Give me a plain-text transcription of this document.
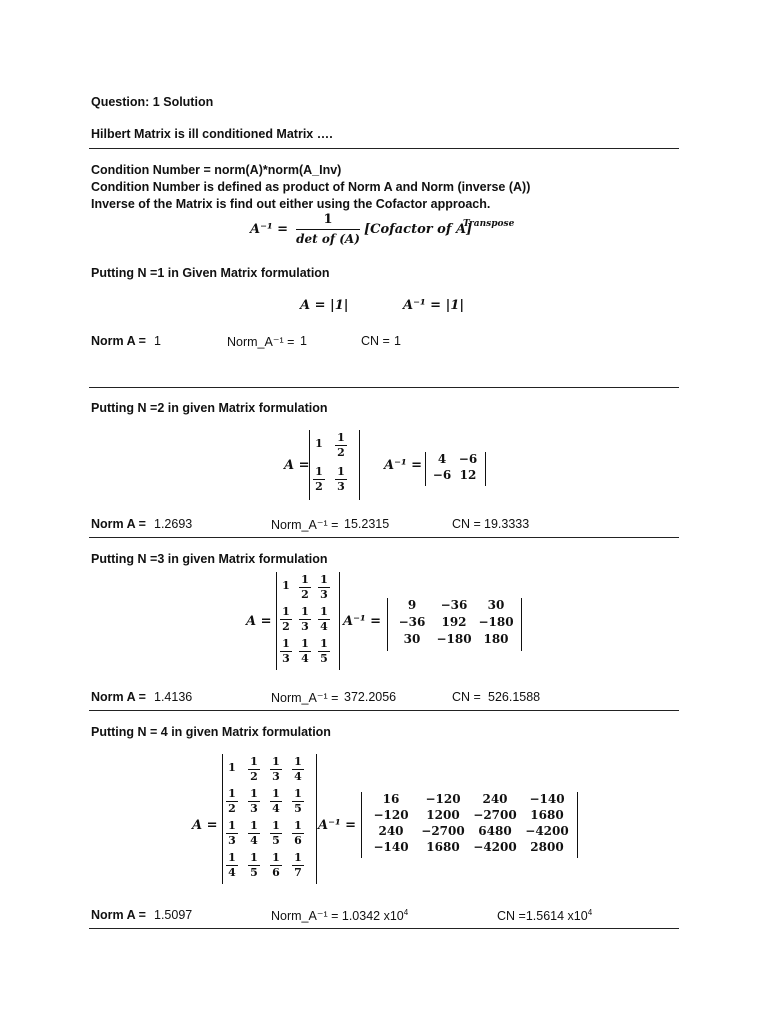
Question: 1 Solution
Hilbert Matrix is ill conditioned Matrix ….
Condition Number = norm(A)*norm(A_Inv)
Condition Number is defined as product of Norm A and Norm (inverse (A))
Inverse of the Matrix is find out either using the Cofactor approach.
A⁻¹ =
1
det of (A)
[Cofactor of A]
Transpose
Putting N =1 in Given Matrix formulation
A = |1|	A⁻¹ = |1|
Norm A = 1	Norm_A⁻¹ = 1	CN = 1
Putting N =2 in given Matrix formulation
A =
$1 \frac{1}{2}$
$\frac{1}{2} \frac{1}{3}$
A⁻¹ =	4	−6
−6 12
Norm A = 1.2693	Norm_A⁻¹ = 15.2315	CN = 19.3333
Putting N =3 in given Matrix formulation
A =
$1 \frac{1}{2} \frac{1}{3}$
$\frac{1}{2} \frac{1}{3} \frac{1}{4}$
$\frac{1}{3} \frac{1}{4} \frac{1}{5}$
A⁻¹ =
9	−36	30
−36	192 −180
30	−180 180
Norm A = 1.4136	Norm_A⁻¹ = 372.2056	CN = 526.1588
Putting N = 4 in given Matrix formulation
A =
$1 \frac{1}{2} \frac{1}{3} \frac{1}{4}$
$\frac{1}{2} \frac{1}{3} \frac{1}{4} \frac{1}{5}$
$\frac{1}{3} \frac{1}{4} \frac{1}{5} \frac{1}{6}$
$\frac{1}{4} \frac{1}{5} \frac{1}{6} \frac{1}{7}$
A⁻¹ =
16	−120	240	−140
−120	1200	−2700	1680
240	−2700	6480	−4200
−140	1680	−4200	2800
Norm A = 1.5097	Norm_A⁻¹ = 1.0342 $x10^4$	CN =1.5614 $x10^4$
